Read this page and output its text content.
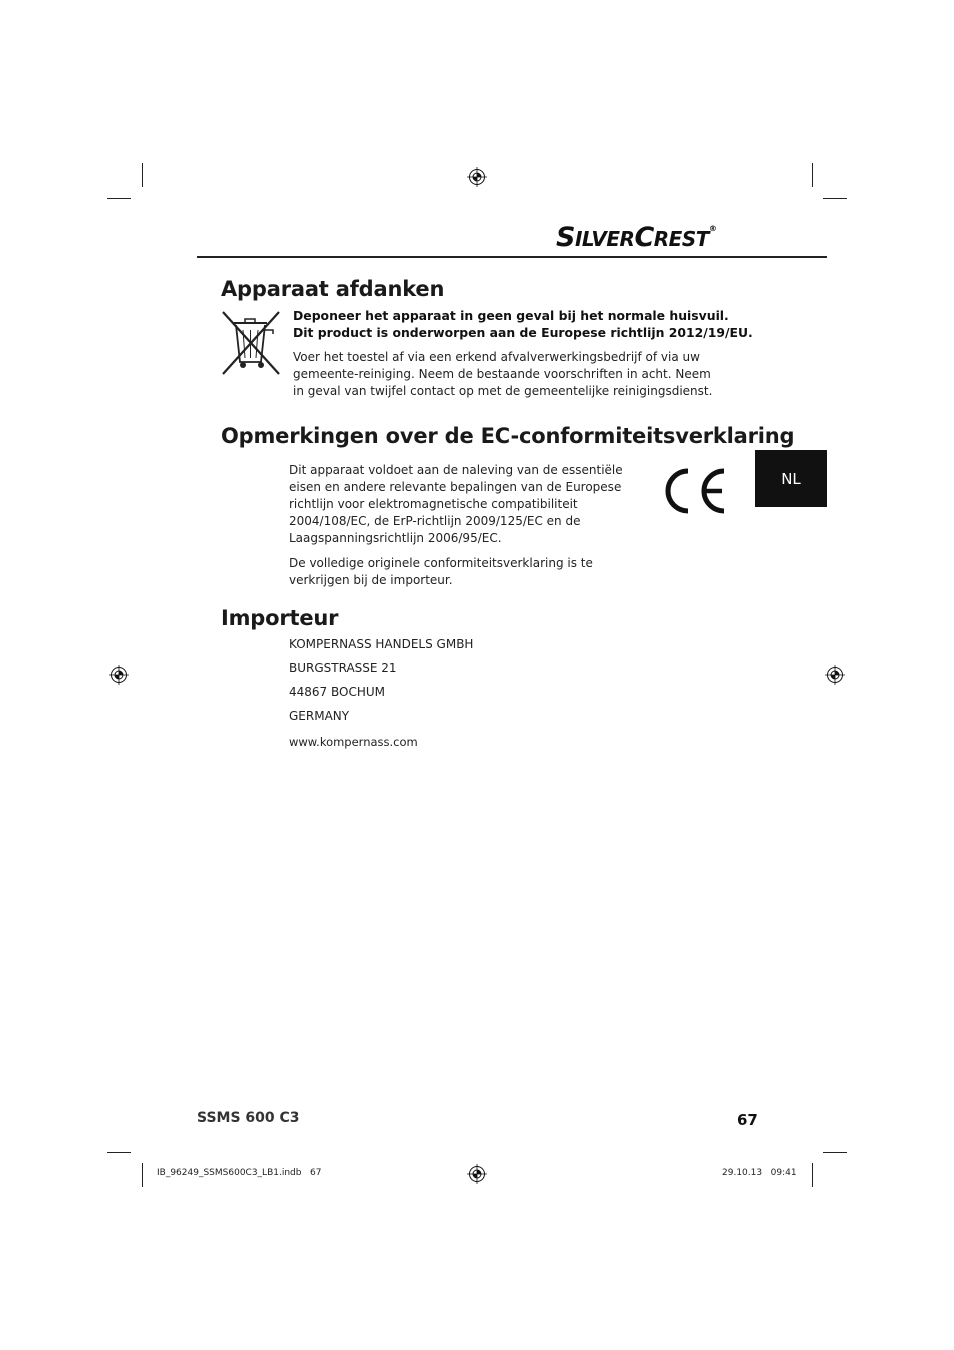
SILVERCREST®
Apparaat afdanken

Deponeer het apparaat in geen geval bij het normale huisvuil.

Dit product is onderworpen aan de Europese richtlijn 2012/19/EU.

Voer het toestel af via een erkend afvalverwerkingsbedrijf of via uw gemeente-reiniging. Neem de bestaande voorschriften in acht. Neem in geval van twijfel contact op met de gemeentelijke reinigingsdienst.

Opmerkingen over de EC-conformiteitsverklaring

Dit apparaat voldoet aan de naleving van de essentiële eisen en andere relevante bepalingen van de Europese richtlijn voor elektromagnetische compatibiliteit 2004/108/EC, de ErP-richtlijn 2009/125/EC en de Laagspanningsrichtlijn 2006/95/EC.

De volledige originele conformiteitsverklaring is te verkrijgen bij de importeur.

NL
Importeur
KOMPERNASS HANDELS GMBH
BURGSTRASSE 21
44867 BOCHUM
GERMANY
www.kompernass.com
SSMS 600 C3	67
IB_96249_SSMS600C3_LB1.indb   67	29.10.13   09:41
